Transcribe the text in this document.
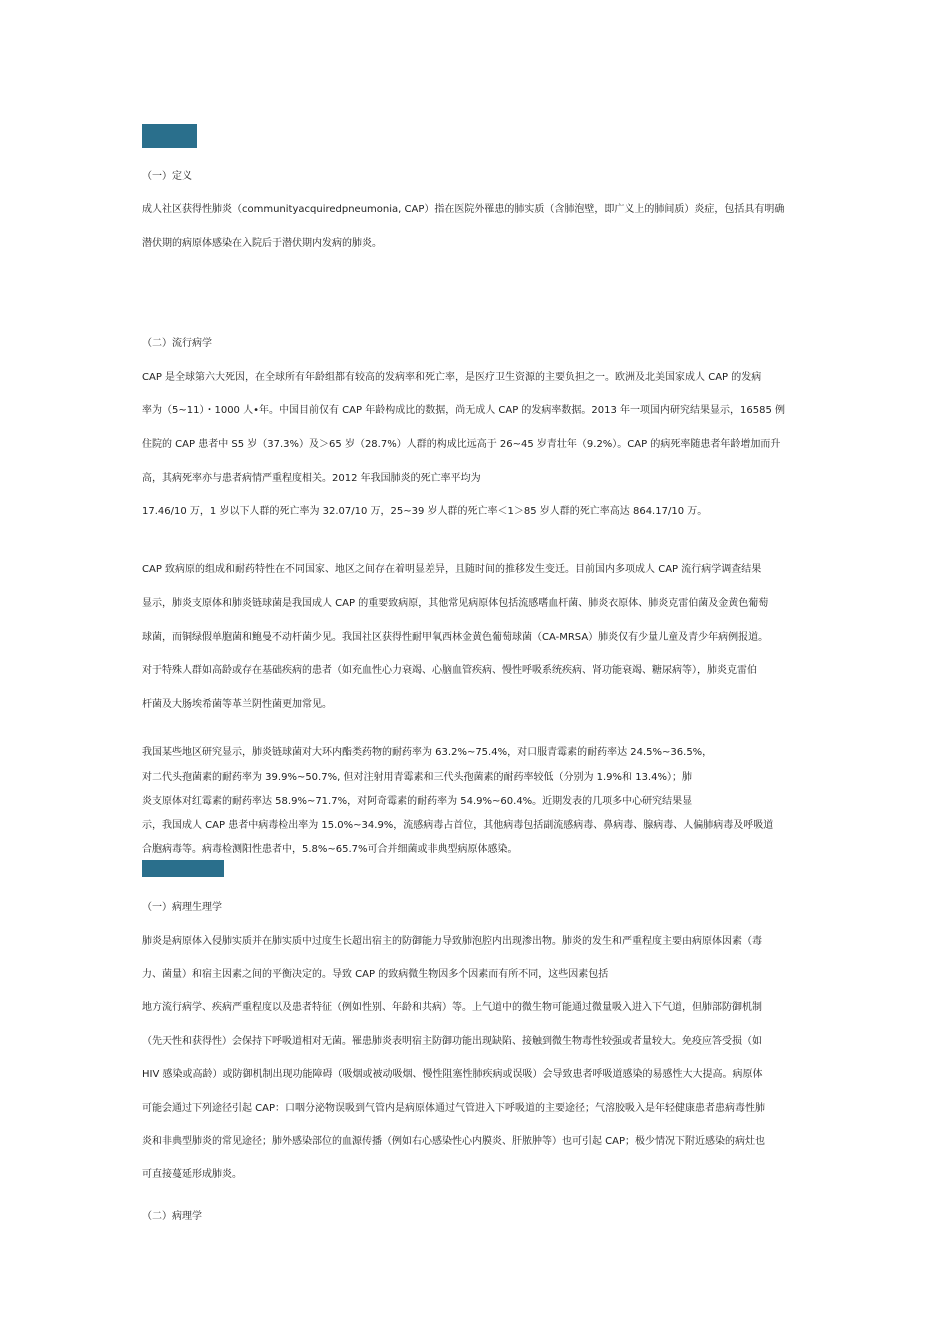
（一）定义
成人社区获得性肺炎（communityacquiredpneumonia, CAP）指在医院外罹患的肺实质（含肺泡壁，即广义上的肺间质）炎症，包括具有明确
潜伏期的病原体感染在入院后于潜伏期内发病的肺炎。
（二）流行病学
CAP 是全球第六大死因，在全球所有年龄组都有较高的发病率和死亡率，是医疗卫生资源的主要负担之一。欧洲及北美国家成人 CAP 的发病
率为（5~11）・1000 人•年。中国目前仅有 CAP 年龄构成比的数据，尚无成人 CAP 的发病率数据。2013 年一项国内研究结果显示，16585 例
住院的 CAP 患者中 S5 岁（37.3%）及＞65 岁（28.7%）人群的构成比远高于 26~45 岁青壮年（9.2%）。CAP 的病死率随患者年龄增加而升
高，其病死率亦与患者病情严重程度相关。2012 年我国肺炎的死亡率平均为
17.46/10 万，1 岁以下人群的死亡率为 32.07/10 万，25~39 岁人群的死亡率＜1＞85 岁人群的死亡率高达 864.17/10 万。
CAP 致病原的组成和耐药特性在不同国家、地区之间存在着明显差异，且随时间的推移发生变迁。目前国内多项成人 CAP 流行病学调查结果
显示，肺炎支原体和肺炎链球菌是我国成人 CAP 的重要致病原，其他常见病原体包括流感嗜血杆菌、肺炎衣原体、肺炎克雷伯菌及金黄色葡萄
球菌，而铜绿假单胞菌和鲍曼不动杆菌少见。我国社区获得性耐甲氧西林金黄色葡萄球菌（CA-MRSA）肺炎仅有少量儿童及青少年病例报道。
对于特殊人群如高龄或存在基础疾病的患者（如充血性心力衰竭、心脑血管疾病、慢性呼吸系统疾病、肾功能衰竭、糖尿病等），肺炎克雷伯
杆菌及大肠埃希菌等革兰阴性菌更加常见。
我国某些地区研究显示，肺炎链球菌对大环内酯类药物的耐药率为 63.2%~75.4%，对口服青霉素的耐药率达 24.5%~36.5%，
对二代头孢菌素的耐药率为 39.9%~50.7%, 但对注射用青霉素和三代头孢菌素的耐药率较低（分别为 1.9%和 13.4%）；肺
炎支原体对红霉素的耐药率达 58.9%~71.7%，对阿奇霉素的耐药率为 54.9%~60.4%。近期发表的几项多中心研究结果显
示，我国成人 CAP 患者中病毒检出率为 15.0%~34.9%，流感病毒占首位，其他病毒包括副流感病毒、鼻病毒、腺病毒、人偏肺病毒及呼吸道
合胞病毒等。病毒检测阳性患者中，5.8%~65.7%可合并细菌或非典型病原体感染。
（一）病理生理学
肺炎是病原体入侵肺实质并在肺实质中过度生长超出宿主的防御能力导致肺泡腔内出现渗出物。肺炎的发生和严重程度主要由病原体因素（毒
力、菌量）和宿主因素之间的平衡决定的。导致 CAP 的致病微生物因多个因素而有所不同，这些因素包括
地方流行病学、疾病严重程度以及患者特征（例如性别、年龄和共病）等。上气道中的微生物可能通过微量吸入进入下气道，但肺部防御机制
（先天性和获得性）会保持下呼吸道相对无菌。罹患肺炎表明宿主防御功能出现缺陷、接触到微生物毒性较强或者量较大。免疫应答受损（如
HIV 感染或高龄）或防御机制出现功能障碍（吸烟或被动吸烟、慢性阻塞性肺疾病或误吸）会导致患者呼吸道感染的易感性大大提高。病原体
可能会通过下列途径引起 CAP：口咽分泌物误吸到气管内是病原体通过气管进入下呼吸道的主要途径；气溶胶吸入是年轻健康患者患病毒性肺
炎和非典型肺炎的常见途径；肺外感染部位的血源传播（例如右心感染性心内膜炎、肝脓肿等）也可引起 CAP；极少情况下附近感染的病灶也
可直接蔓延形成肺炎。
（二）病理学
